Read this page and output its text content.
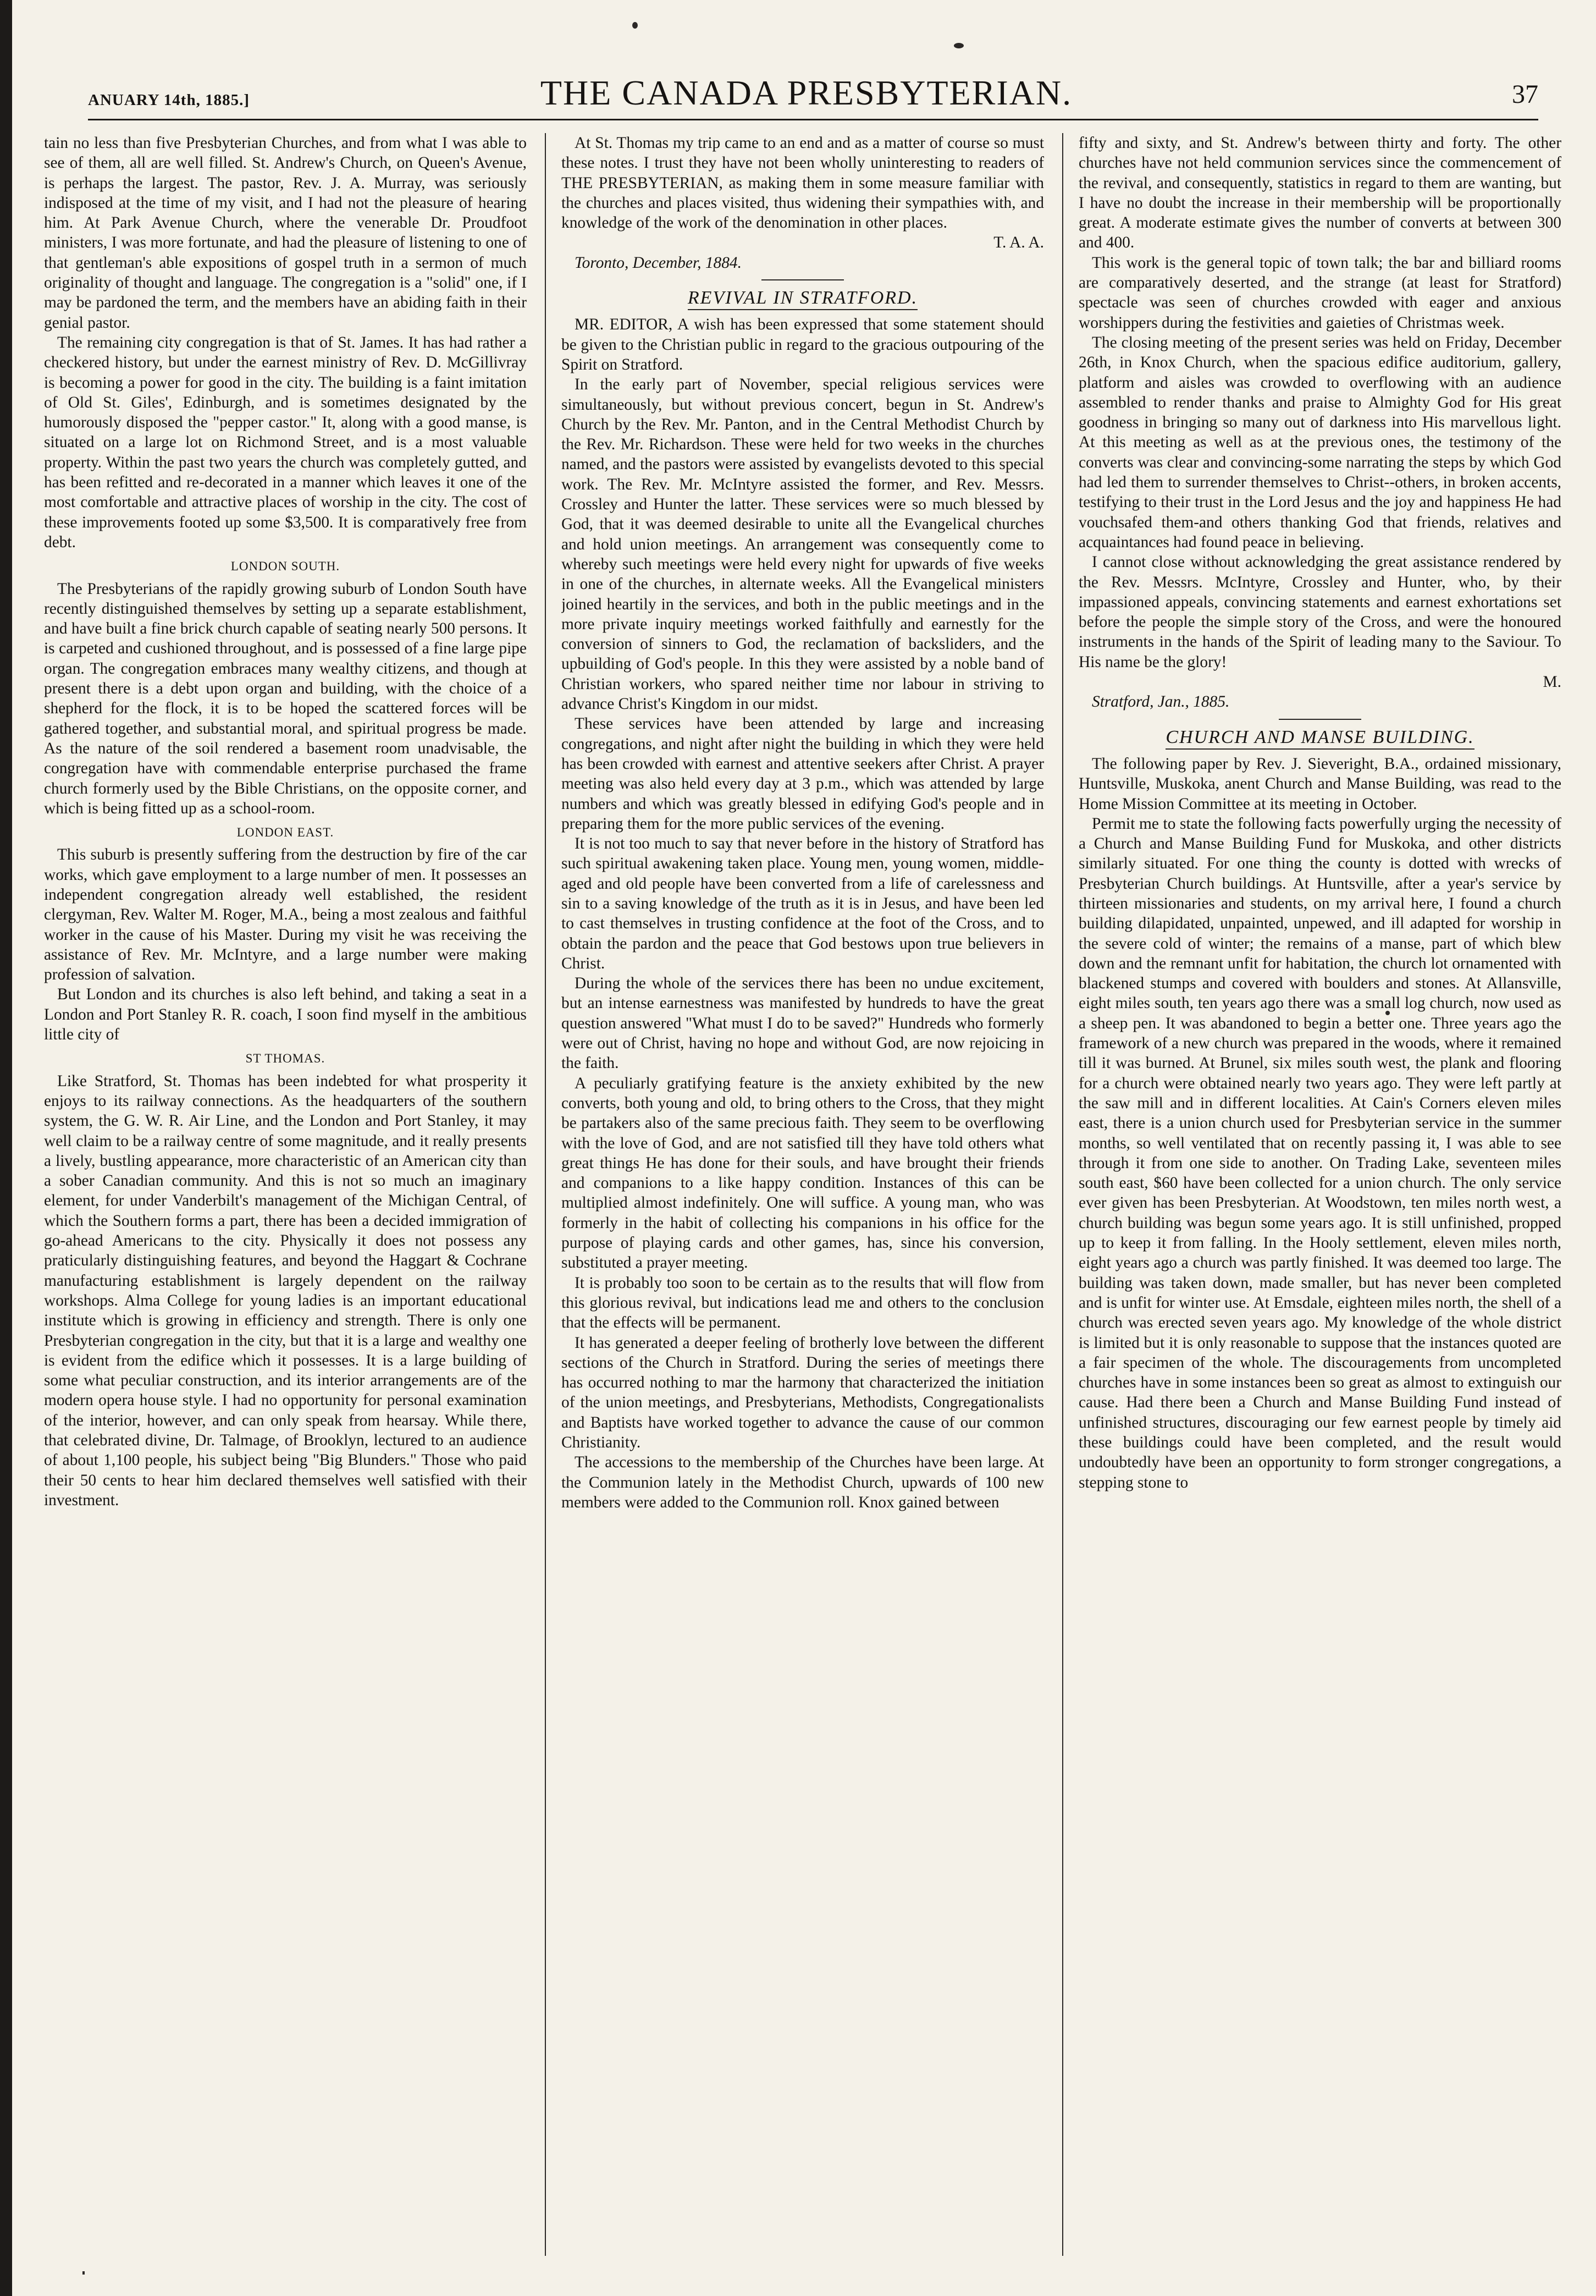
ANUARY 14th, 1885.]	THE CANADA PRESBYTERIAN.	37

tain no less than five Presbyterian Churches, and from what I was able to see of them, all are well filled. St. Andrew's Church, on Queen's Avenue, is perhaps the largest. The pastor, Rev. J. A. Murray, was seriously indisposed at the time of my visit, and I had not the pleasure of hearing him. At Park Avenue Church, where the venerable Dr. Proudfoot ministers, I was more fortunate, and had the pleasure of listening to one of that gentleman's able expositions of gospel truth in a sermon of much originality of thought and language. The congregation is a "solid" one, if I may be pardoned the term, and the members have an abiding faith in their genial pastor.

The remaining city congregation is that of St. James. It has had rather a checkered history, but under the earnest ministry of Rev. D. McGillivray is becoming a power for good in the city. The building is a faint imitation of Old St. Giles', Edinburgh, and is sometimes designated by the humorously disposed the "pepper castor." It, along with a good manse, is situated on a large lot on Richmond Street, and is a most valuable property. Within the past two years the church was completely gutted, and has been refitted and re-decorated in a manner which leaves it one of the most comfortable and attractive places of worship in the city. The cost of these improvements footed up some $3,500. It is comparatively free from debt.

LONDON SOUTH.

The Presbyterians of the rapidly growing suburb of London South have recently distinguished themselves by setting up a separate establishment, and have built a fine brick church capable of seating nearly 500 persons. It is carpeted and cushioned throughout, and is possessed of a fine large pipe organ. The congregation embraces many wealthy citizens, and though at present there is a debt upon organ and building, with the choice of a shepherd for the flock, it is to be hoped the scattered forces will be gathered together, and substantial moral, and spiritual progress be made. As the nature of the soil rendered a basement room unadvisable, the congregation have with commendable enterprise purchased the frame church formerly used by the Bible Christians, on the opposite corner, and which is being fitted up as a school-room.

LONDON EAST.

This suburb is presently suffering from the destruction by fire of the car works, which gave employment to a large number of men. It possesses an independent congregation already well established, the resident clergyman, Rev. Walter M. Roger, M.A., being a most zealous and faithful worker in the cause of his Master. During my visit he was receiving the assistance of Rev. Mr. McIntyre, and a large number were making profession of salvation.

But London and its churches is also left behind, and taking a seat in a London and Port Stanley R. R. coach, I soon find myself in the ambitious little city of

ST THOMAS.

Like Stratford, St. Thomas has been indebted for what prosperity it enjoys to its railway connections. As the headquarters of the southern system, the G. W. R. Air Line, and the London and Port Stanley, it may well claim to be a railway centre of some magnitude, and it really presents a lively, bustling appearance, more characteristic of an American city than a sober Canadian community. And this is not so much an imaginary element, for under Vanderbilt's management of the Michigan Central, of which the Southern forms a part, there has been a decided immigration of go-ahead Americans to the city. Physically it does not possess any praticularly distinguishing features, and beyond the Haggart & Cochrane manufacturing establishment is largely dependent on the railway workshops. Alma College for young ladies is an important educational institute which is growing in efficiency and strength. There is only one Presbyterian congregation in the city, but that it is a large and wealthy one is evident from the edifice which it possesses. It is a large building of some what peculiar construction, and its interior arrangements are of the modern opera house style. I had no opportunity for personal examination of the interior, however, and can only speak from hearsay. While there, that celebrated divine, Dr. Talmage, of Brooklyn, lectured to an audience of about 1,100 people, his subject being "Big Blunders." Those who paid their 50 cents to hear him declared themselves well satisfied with their investment.

At St. Thomas my trip came to an end and as a matter of course so must these notes. I trust they have not been wholly uninteresting to readers of THE PRESBYTERIAN, as making them in some measure familiar with the churches and places visited, thus widening their sympathies with, and knowledge of the work of the denomination in other places.

T. A. A.

Toronto, December, 1884.

REVIVAL IN STRATFORD.

MR. EDITOR, A wish has been expressed that some statement should be given to the Christian public in regard to the gracious outpouring of the Spirit on Stratford.

In the early part of November, special religious services were simultaneously, but without previous concert, begun in St. Andrew's Church by the Rev. Mr. Panton, and in the Central Methodist Church by the Rev. Mr. Richardson. These were held for two weeks in the churches named, and the pastors were assisted by evangelists devoted to this special work. The Rev. Mr. McIntyre assisted the former, and Rev. Messrs. Crossley and Hunter the latter. These services were so much blessed by God, that it was deemed desirable to unite all the Evangelical churches and hold union meetings. An arrangement was consequently come to whereby such meetings were held every night for upwards of five weeks in one of the churches, in alternate weeks. All the Evangelical ministers joined heartily in the services, and both in the public meetings and in the more private inquiry meetings worked faithfully and earnestly for the conversion of sinners to God, the reclamation of backsliders, and the upbuilding of God's people. In this they were assisted by a noble band of Christian workers, who spared neither time nor labour in striving to advance Christ's Kingdom in our midst.

These services have been attended by large and increasing congregations, and night after night the building in which they were held has been crowded with earnest and attentive seekers after Christ. A prayer meeting was also held every day at 3 p.m., which was attended by large numbers and which was greatly blessed in edifying God's people and in preparing them for the more public services of the evening.

It is not too much to say that never before in the history of Stratford has such spiritual awakening taken place. Young men, young women, middle-aged and old people have been converted from a life of carelessness and sin to a saving knowledge of the truth as it is in Jesus, and have been led to cast themselves in trusting confidence at the foot of the Cross, and to obtain the pardon and the peace that God bestows upon true believers in Christ.

During the whole of the services there has been no undue excitement, but an intense earnestness was manifested by hundreds to have the great question answered "What must I do to be saved?" Hundreds who formerly were out of Christ, having no hope and without God, are now rejoicing in the faith.

A peculiarly gratifying feature is the anxiety exhibited by the new converts, both young and old, to bring others to the Cross, that they might be partakers also of the same precious faith. They seem to be overflowing with the love of God, and are not satisfied till they have told others what great things He has done for their souls, and have brought their friends and companions to a like happy condition. Instances of this can be multiplied almost indefinitely. One will suffice. A young man, who was formerly in the habit of collecting his companions in his office for the purpose of playing cards and other games, has, since his conversion, substituted a prayer meeting.

It is probably too soon to be certain as to the results that will flow from this glorious revival, but indications lead me and others to the conclusion that the effects will be permanent.

It has generated a deeper feeling of brotherly love between the different sections of the Church in Stratford. During the series of meetings there has occurred nothing to mar the harmony that characterized the initiation of the union meetings, and Presbyterians, Methodists, Congregationalists and Baptists have worked together to advance the cause of our common Christianity.

The accessions to the membership of the Churches have been large. At the Communion lately in the Methodist Church, upwards of 100 new members were added to the Communion roll. Knox gained between

fifty and sixty, and St. Andrew's between thirty and forty. The other churches have not held communion services since the commencement of the revival, and consequently, statistics in regard to them are wanting, but I have no doubt the increase in their membership will be proportionally great. A moderate estimate gives the number of converts at between 300 and 400.

This work is the general topic of town talk; the bar and billiard rooms are comparatively deserted, and the strange (at least for Stratford) spectacle was seen of churches crowded with eager and anxious worshippers during the festivities and gaieties of Christmas week.

The closing meeting of the present series was held on Friday, December 26th, in Knox Church, when the spacious edifice auditorium, gallery, platform and aisles was crowded to overflowing with an audience assembled to render thanks and praise to Almighty God for His great goodness in bringing so many out of darkness into His marvellous light. At this meeting as well as at the previous ones, the testimony of the converts was clear and convincing-some narrating the steps by which God had led them to surrender themselves to Christ--others, in broken accents, testifying to their trust in the Lord Jesus and the joy and happiness He had vouchsafed them-and others thanking God that friends, relatives and acquaintances had found peace in believing.

I cannot close without acknowledging the great assistance rendered by the Rev. Messrs. McIntyre, Crossley and Hunter, who, by their impassioned appeals, convincing statements and earnest exhortations set before the people the simple story of the Cross, and were the honoured instruments in the hands of the Spirit of leading many to the Saviour. To His name be the glory!

M.

Stratford, Jan., 1885.

CHURCH AND MANSE BUILDING.

The following paper by Rev. J. Sieveright, B.A., ordained missionary, Huntsville, Muskoka, anent Church and Manse Building, was read to the Home Mission Committee at its meeting in October.

Permit me to state the following facts powerfully urging the necessity of a Church and Manse Building Fund for Muskoka, and other districts similarly situated. For one thing the county is dotted with wrecks of Presbyterian Church buildings. At Huntsville, after a year's service by thirteen missionaries and students, on my arrival here, I found a church building dilapidated, unpainted, unpewed, and ill adapted for worship in the severe cold of winter; the remains of a manse, part of which blew down and the remnant unfit for habitation, the church lot ornamented with blackened stumps and covered with boulders and stones. At Allansville, eight miles south, ten years ago there was a small log church, now used as a sheep pen. It was abandoned to begin a better one. Three years ago the framework of a new church was prepared in the woods, where it remained till it was burned. At Brunel, six miles south west, the plank and flooring for a church were obtained nearly two years ago. They were left partly at the saw mill and in different localities. At Cain's Corners eleven miles east, there is a union church used for Presbyterian service in the summer months, so well ventilated that on recently passing it, I was able to see through it from one side to another. On Trading Lake, seventeen miles south east, $60 have been collected for a union church. The only service ever given has been Presbyterian. At Woodstown, ten miles north west, a church building was begun some years ago. It is still unfinished, propped up to keep it from falling. In the Hooly settlement, eleven miles north, eight years ago a church was partly finished. It was deemed too large. The building was taken down, made smaller, but has never been completed and is unfit for winter use. At Emsdale, eighteen miles north, the shell of a church was erected seven years ago. My knowledge of the whole district is limited but it is only reasonable to suppose that the instances quoted are a fair specimen of the whole. The discouragements from uncompleted churches have in some instances been so great as almost to extinguish our cause. Had there been a Church and Manse Building Fund instead of unfinished structures, discouraging our few earnest people by timely aid these buildings could have been completed, and the result would undoubtedly have been an opportunity to form stronger congregations, a stepping stone to
